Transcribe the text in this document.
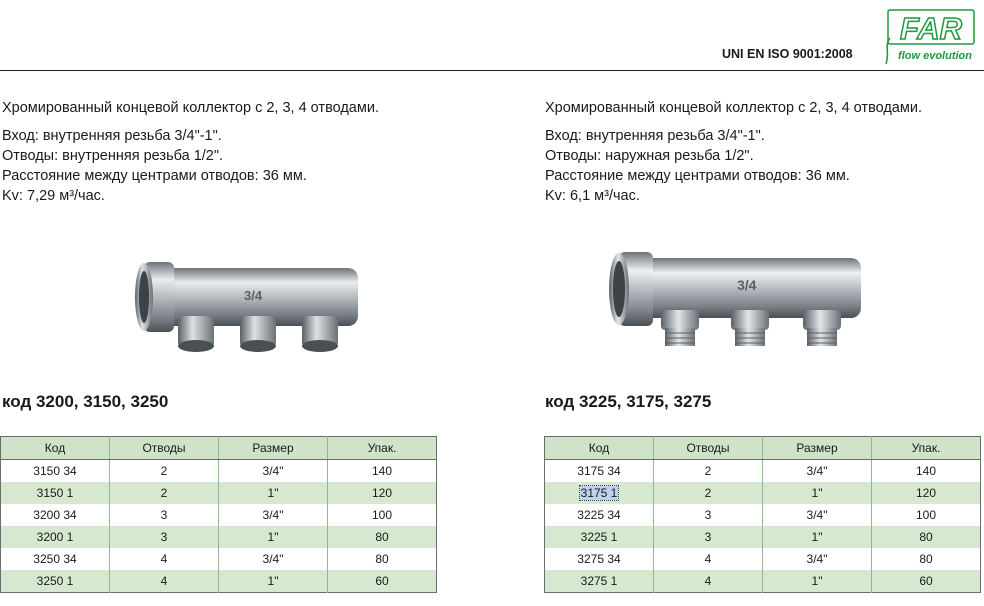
UNI EN ISO 9001:2008
FAR
flow evolution
Хромированный концевой коллектор с 2, 3, 4 отводами.
Вход: внутренняя резьба 3/4"-1".
Отводы: внутренняя резьба 1/2".
Расстояние между центрами отводов: 36 мм.
Kv: 7,29 м³/час.
Хромированный концевой коллектор с 2, 3, 4 отводами.
Вход: внутренняя резьба 3/4"-1".
Отводы: наружная резьба 1/2".
Расстояние между центрами отводов: 36 мм.
Kv: 6,1 м³/час.
3/4
3/4
код 3200, 3150, 3250	код 3225, 3175, 3275
Код	Отводы	Размер	Упак.
3150 34	2	3/4"	140
3150 1	2	1"	120
3200 34	3	3/4"	100
3200 1	3	1"	80
3250 34	4	3/4"	80
3250 1	4	1"	60
Код	Отводы	Размер	Упак.
3175 34	2	3/4"	140
3175 1	2	1"	120
3225 34	3	3/4"	100
3225 1	3	1"	80
3275 34	4	3/4"	80
3275 1	4	1"	60
